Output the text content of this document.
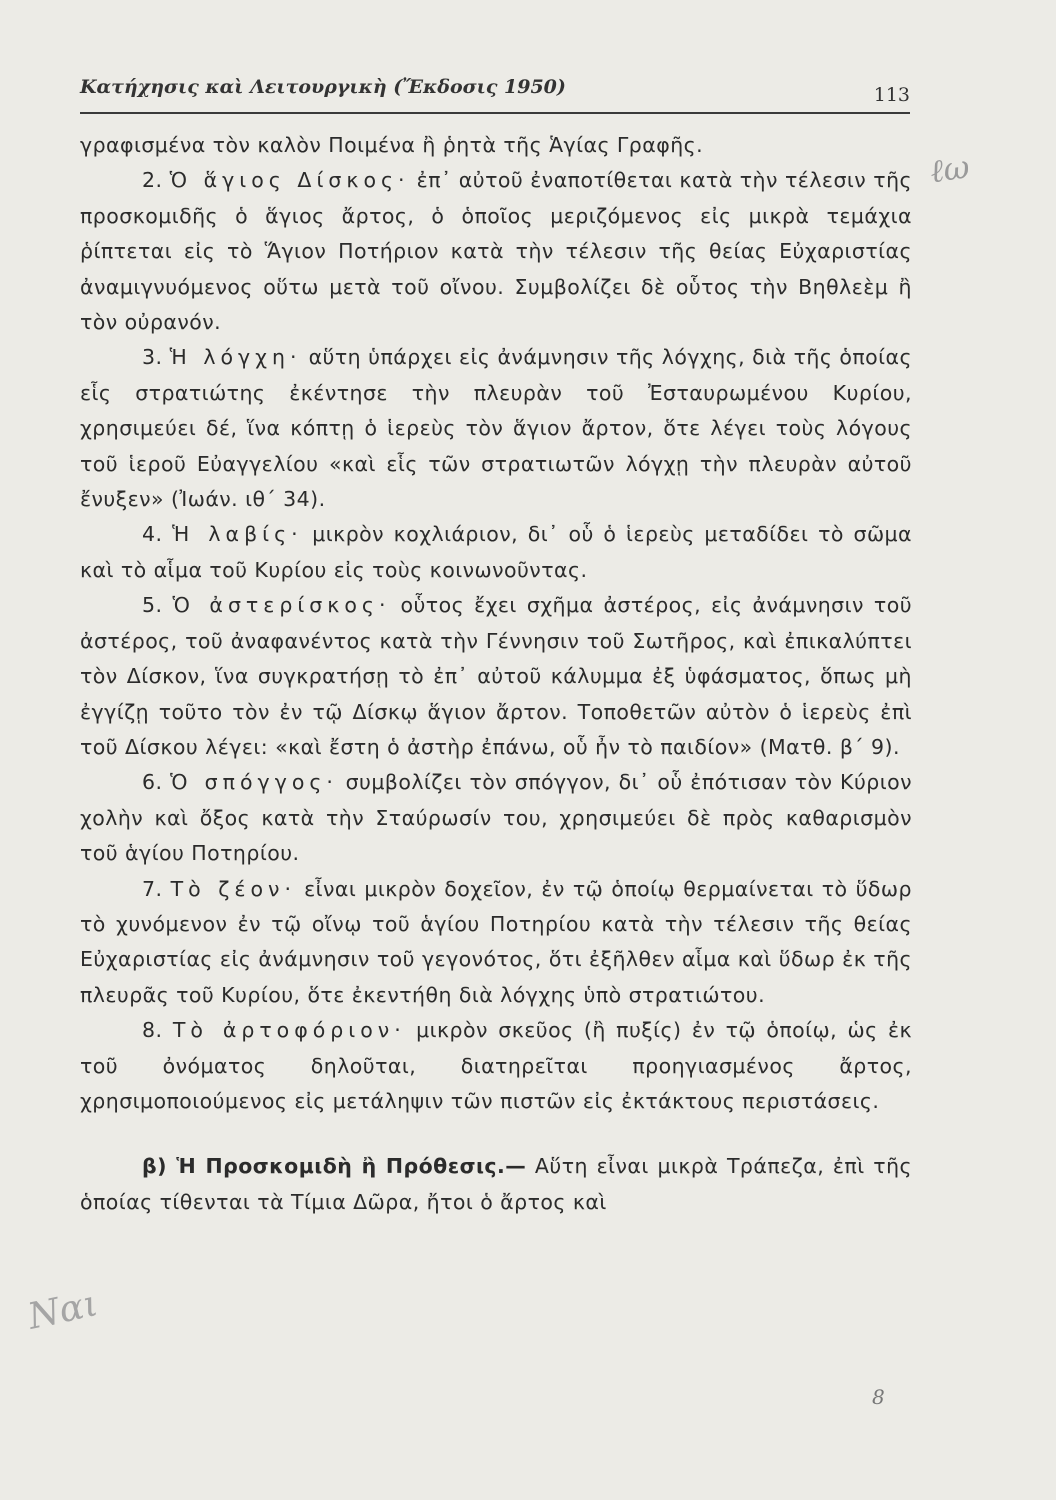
Κατήχησις καὶ Λειτουργικὴ (Ἔκδοσις 1950)	113
ℓω

γραφισμένα τὸν καλὸν Ποιμένα ἢ ῥητὰ τῆς Ἁγίας Γραφῆς.

2. Ὁ ἅγιος Δίσκος· ἐπ᾽ αὐτοῦ ἐναποτίθεται κατὰ τὴν τέλεσιν τῆς προσκομιδῆς ὁ ἅγιος ἄρτος, ὁ ὁποῖος μεριζόμενος εἰς μικρὰ τεμάχια ῥίπτεται εἰς τὸ Ἅγιον Ποτήριον κατὰ τὴν τέλεσιν τῆς θείας Εὐχαριστίας ἀναμιγνυόμενος οὕτω μετὰ τοῦ οἴνου. Συμβολίζει δὲ οὗτος τὴν Βηθλεὲμ ἢ τὸν οὐρανόν.

3. Ἡ λόγχη· αὕτη ὑπάρχει εἰς ἀνάμνησιν τῆς λόγχης, διὰ τῆς ὁποίας εἷς στρατιώτης ἐκέντησε τὴν πλευρὰν τοῦ Ἐσταυρωμένου Κυρίου, χρησιμεύει δέ, ἵνα κόπτῃ ὁ ἱερεὺς τὸν ἅγιον ἄρτον, ὅτε λέγει τοὺς λόγους τοῦ ἱεροῦ Εὐαγγελίου «καὶ εἷς τῶν στρατιωτῶν λόγχῃ τὴν πλευρὰν αὐτοῦ ἔνυξεν» (Ἰωάν. ιθ΄ 34).

4. Ἡ λαβίς· μικρὸν κοχλιάριον, δι᾽ οὗ ὁ ἱερεὺς μεταδίδει τὸ σῶμα καὶ τὸ αἷμα τοῦ Κυρίου εἰς τοὺς κοινωνοῦντας.

5. Ὁ ἀστερίσκος· οὗτος ἔχει σχῆμα ἀστέρος, εἰς ἀνάμνησιν τοῦ ἀστέρος, τοῦ ἀναφανέντος κατὰ τὴν Γέννησιν τοῦ Σωτῆρος, καὶ ἐπικαλύπτει τὸν Δίσκον, ἵνα συγκρατήσῃ τὸ ἐπ᾽ αὐτοῦ κάλυμμα ἐξ ὑφάσματος, ὅπως μὴ ἐγγίζῃ τοῦτο τὸν ἐν τῷ Δίσκῳ ἅγιον ἄρτον. Τοποθετῶν αὐτὸν ὁ ἱερεὺς ἐπὶ τοῦ Δίσκου λέγει: «καὶ ἔστη ὁ ἀστὴρ ἐπάνω, οὗ ἦν τὸ παιδίον» (Ματθ. β΄ 9).

6. Ὁ σπόγγος· συμβολίζει τὸν σπόγγον, δι᾽ οὗ ἐπότισαν τὸν Κύριον χολὴν καὶ ὄξος κατὰ τὴν Σταύρωσίν του, χρησιμεύει δὲ πρὸς καθαρισμὸν τοῦ ἁγίου Ποτηρίου.

7. Τὸ ζέον· εἶναι μικρὸν δοχεῖον, ἐν τῷ ὁποίῳ θερμαίνεται τὸ ὕδωρ τὸ χυνόμενον ἐν τῷ οἴνῳ τοῦ ἁγίου Ποτηρίου κατὰ τὴν τέλεσιν τῆς θείας Εὐχαριστίας εἰς ἀνάμνησιν τοῦ γεγονότος, ὅτι ἐξῆλθεν αἷμα καὶ ὕδωρ ἐκ τῆς πλευρᾶς τοῦ Κυρίου, ὅτε ἐκεντήθη διὰ λόγχης ὑπὸ στρατιώτου.

8. Τὸ ἀρτοφόριον· μικρὸν σκεῦος (ἢ πυξίς) ἐν τῷ ὁποίῳ, ὡς ἐκ τοῦ ὀνόματος δηλοῦται, διατηρεῖται προηγιασμένος ἄρτος, χρησιμοποιούμενος εἰς μετάληψιν τῶν πιστῶν εἰς ἐκτάκτους περιστάσεις.

β) Ἡ Προσκομιδὴ ἢ Πρόθεσις.— Αὕτη εἶναι μικρὰ Τράπεζα, ἐπὶ τῆς ὁποίας τίθενται τὰ Τίμια Δῶρα, ἤτοι ὁ ἄρτος καὶ

Nαι
8
